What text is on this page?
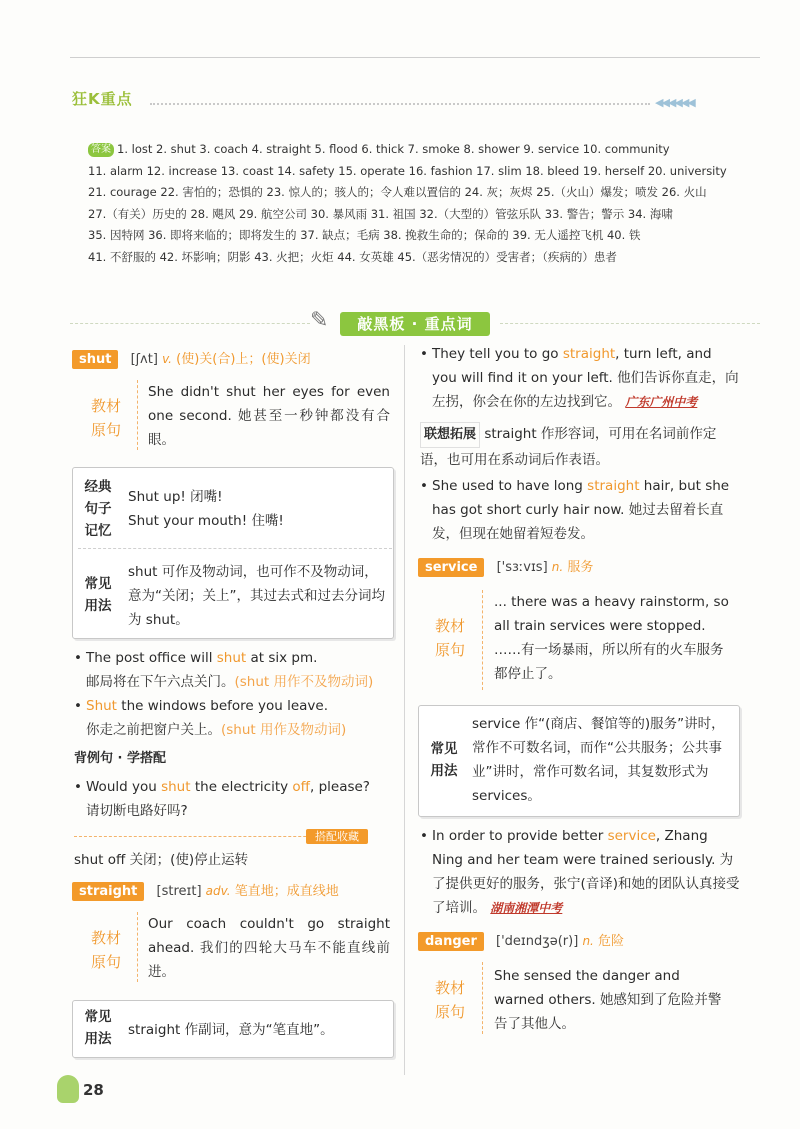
狂K重点	◀◀◀◀◀◀
答案 1. lost 2. shut 3. coach 4. straight 5. flood 6. thick 7. smoke 8. shower 9. service 10. community
11. alarm 12. increase 13. coast 14. safety 15. operate 16. fashion 17. slim 18. bleed 19. herself 20. university
21. courage 22. 害怕的；恐惧的 23. 惊人的；骇人的；令人难以置信的 24. 灰；灰烬 25.（火山）爆发；喷发 26. 火山
27.（有关）历史的 28. 飓风 29. 航空公司 30. 暴风雨 31. 祖国 32.（大型的）管弦乐队 33. 警告；警示 34. 海啸
35. 因特网 36. 即将来临的；即将发生的 37. 缺点；毛病 38. 挽救生命的；保命的 39. 无人遥控飞机 40. 铁
41. 不舒服的 42. 坏影响；阴影 43. 火把；火炬 44. 女英雄 45.（恶劣情况的）受害者；（疾病的）患者
✎	敲黑板 · 重点词
shut [ʃʌt] v. (使)关(合)上；(使)关闭
教材
原句
She didn't shut her eyes for even one second. 她甚至一秒钟都没有合眼。
经典
句子
记忆
Shut up! 闭嘴!
Shut your mouth! 住嘴!
常见
用法
shut 可作及物动词，也可作不及物动词，意为“关闭；关上”，其过去式和过去分词均为 shut。
• The post office will shut at six pm.
邮局将在下午六点关门。(shut 用作不及物动词)
• Shut the windows before you leave.
你走之前把窗户关上。(shut 用作及物动词)
背例句 · 学搭配
• Would you shut the electricity off, please?
请切断电路好吗?
搭配收藏
shut off 关闭；(使)停止运转
straight [streɪt] adv. 笔直地；成直线地
教材
原句
Our coach couldn't go straight ahead. 我们的四轮大马车不能直线前进。
常见
用法
straight 作副词，意为“笔直地”。
• They tell you to go straight, turn left, and you will find it on your left. 他们告诉你直走，向左拐，你会在你的左边找到它。 广东广州中考
联想拓展 straight 作形容词，可用在名词前作定语，也可用在系动词后作表语。
• She used to have long straight hair, but she has got short curly hair now. 她过去留着长直发，但现在她留着短卷发。
service ['sɜːvɪs] n. 服务
教材
原句
... there was a heavy rainstorm, so all train services were stopped.
……有一场暴雨，所以所有的火车服务都停止了。
常见
用法
service 作“(商店、餐馆等的)服务”讲时，常作不可数名词，而作“公共服务；公共事业”讲时，常作可数名词，其复数形式为 services。
• In order to provide better service, Zhang Ning and her team were trained seriously. 为了提供更好的服务，张宁(音译)和她的团队认真接受了培训。 湖南湘潭中考
danger ['deɪndʒə(r)] n. 危险
教材
原句
She sensed the danger and warned others. 她感知到了危险并警告了其他人。
28
